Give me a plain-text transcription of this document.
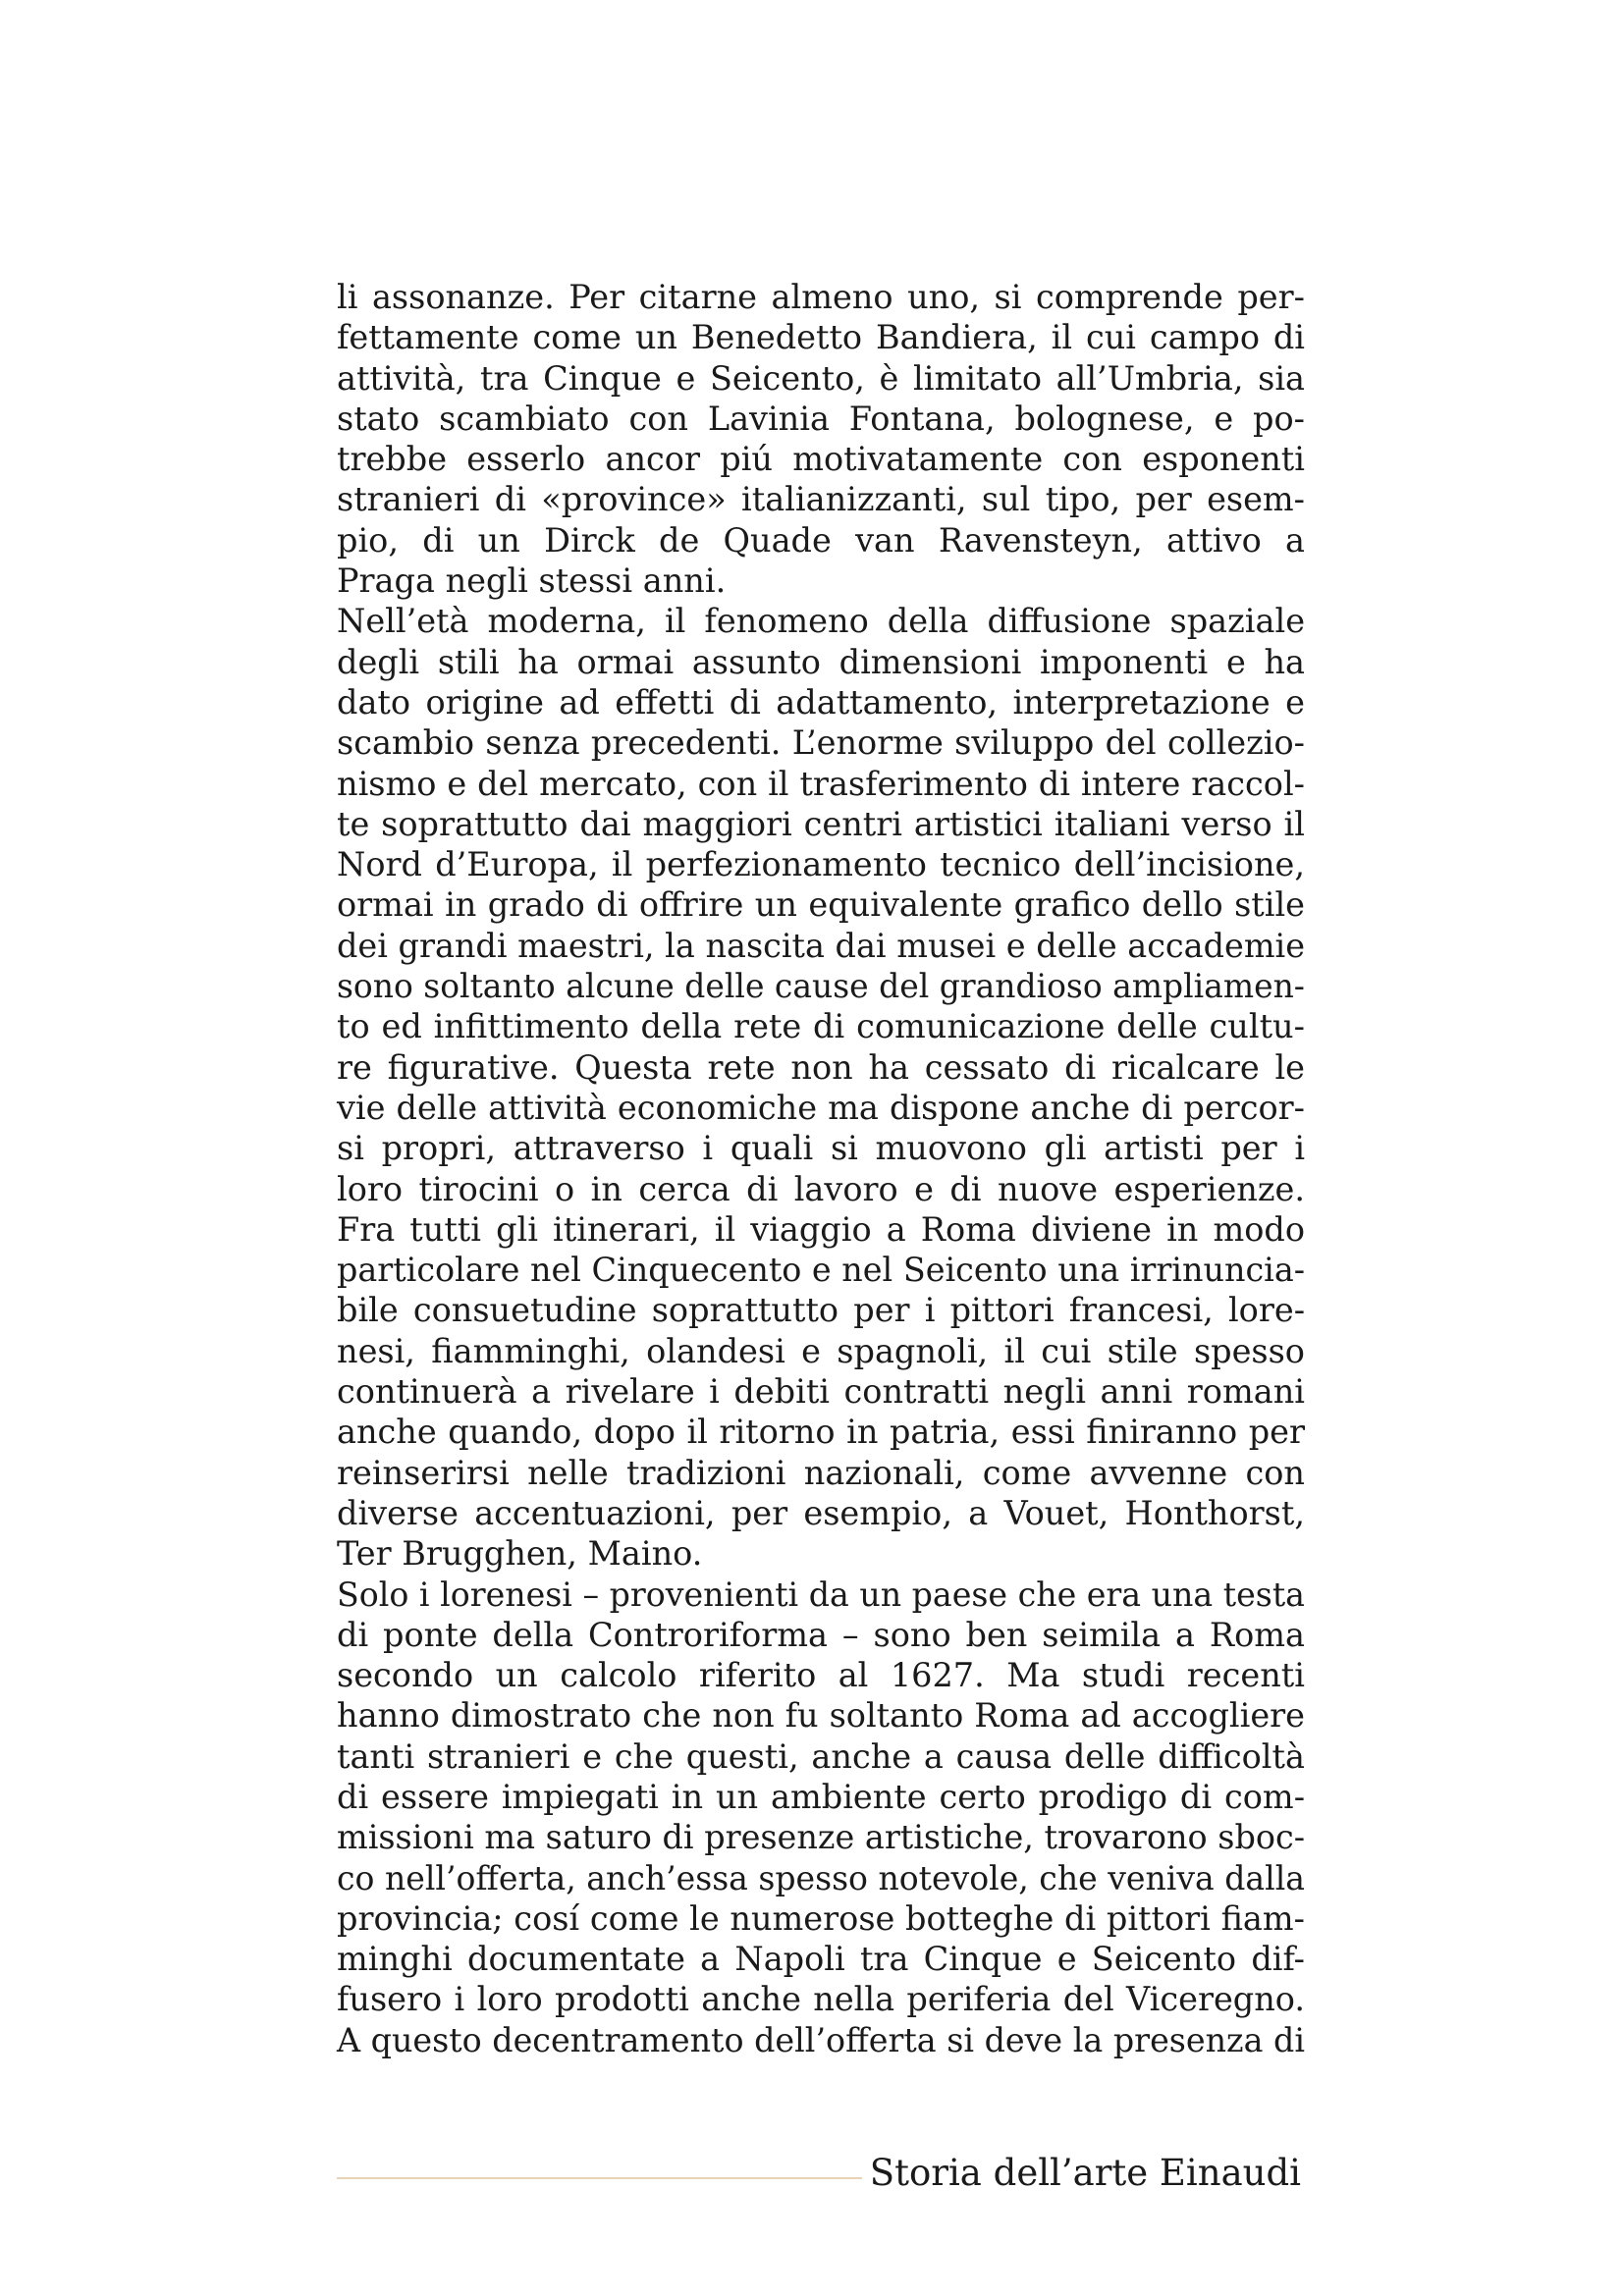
li assonanze. Per citarne almeno uno, si comprende per-
fettamente come un Benedetto Bandiera, il cui campo di
attività, tra Cinque e Seicento, è limitato all’Umbria, sia
stato scambiato con Lavinia Fontana, bolognese, e po-
trebbe esserlo ancor piú motivatamente con esponenti
stranieri di «province» italianizzanti, sul tipo, per esem-
pio, di un Dirck de Quade van Ravensteyn, attivo a
Praga negli stessi anni.
Nell’età moderna, il fenomeno della diffusione spaziale
degli stili ha ormai assunto dimensioni imponenti e ha
dato origine ad effetti di adattamento, interpretazione e
scambio senza precedenti. L’enorme sviluppo del collezio-
nismo e del mercato, con il trasferimento di intere raccol-
te soprattutto dai maggiori centri artistici italiani verso il
Nord d’Europa, il perfezionamento tecnico dell’incisione,
ormai in grado di offrire un equivalente grafico dello stile
dei grandi maestri, la nascita dai musei e delle accademie
sono soltanto alcune delle cause del grandioso ampliamen-
to ed infittimento della rete di comunicazione delle cultu-
re figurative. Questa rete non ha cessato di ricalcare le
vie delle attività economiche ma dispone anche di percor-
si propri, attraverso i quali si muovono gli artisti per i
loro tirocini o in cerca di lavoro e di nuove esperienze.
Fra tutti gli itinerari, il viaggio a Roma diviene in modo
particolare nel Cinquecento e nel Seicento una irrinuncia-
bile consuetudine soprattutto per i pittori francesi, lore-
nesi, fiamminghi, olandesi e spagnoli, il cui stile spesso
continuerà a rivelare i debiti contratti negli anni romani
anche quando, dopo il ritorno in patria, essi finiranno per
reinserirsi nelle tradizioni nazionali, come avvenne con
diverse accentuazioni, per esempio, a Vouet, Honthorst,
Ter Brugghen, Maino.
Solo i lorenesi – provenienti da un paese che era una testa
di ponte della Controriforma – sono ben seimila a Roma
secondo un calcolo riferito al 1627. Ma studi recenti
hanno dimostrato che non fu soltanto Roma ad accogliere
tanti stranieri e che questi, anche a causa delle difficoltà
di essere impiegati in un ambiente certo prodigo di com-
missioni ma saturo di presenze artistiche, trovarono sboc-
co nell’offerta, anch’essa spesso notevole, che veniva dalla
provincia; cosí come le numerose botteghe di pittori fiam-
minghi documentate a Napoli tra Cinque e Seicento dif-
fusero i loro prodotti anche nella periferia del Viceregno.
A questo decentramento dell’offerta si deve la presenza di
Storia dell’arte Einaudi
